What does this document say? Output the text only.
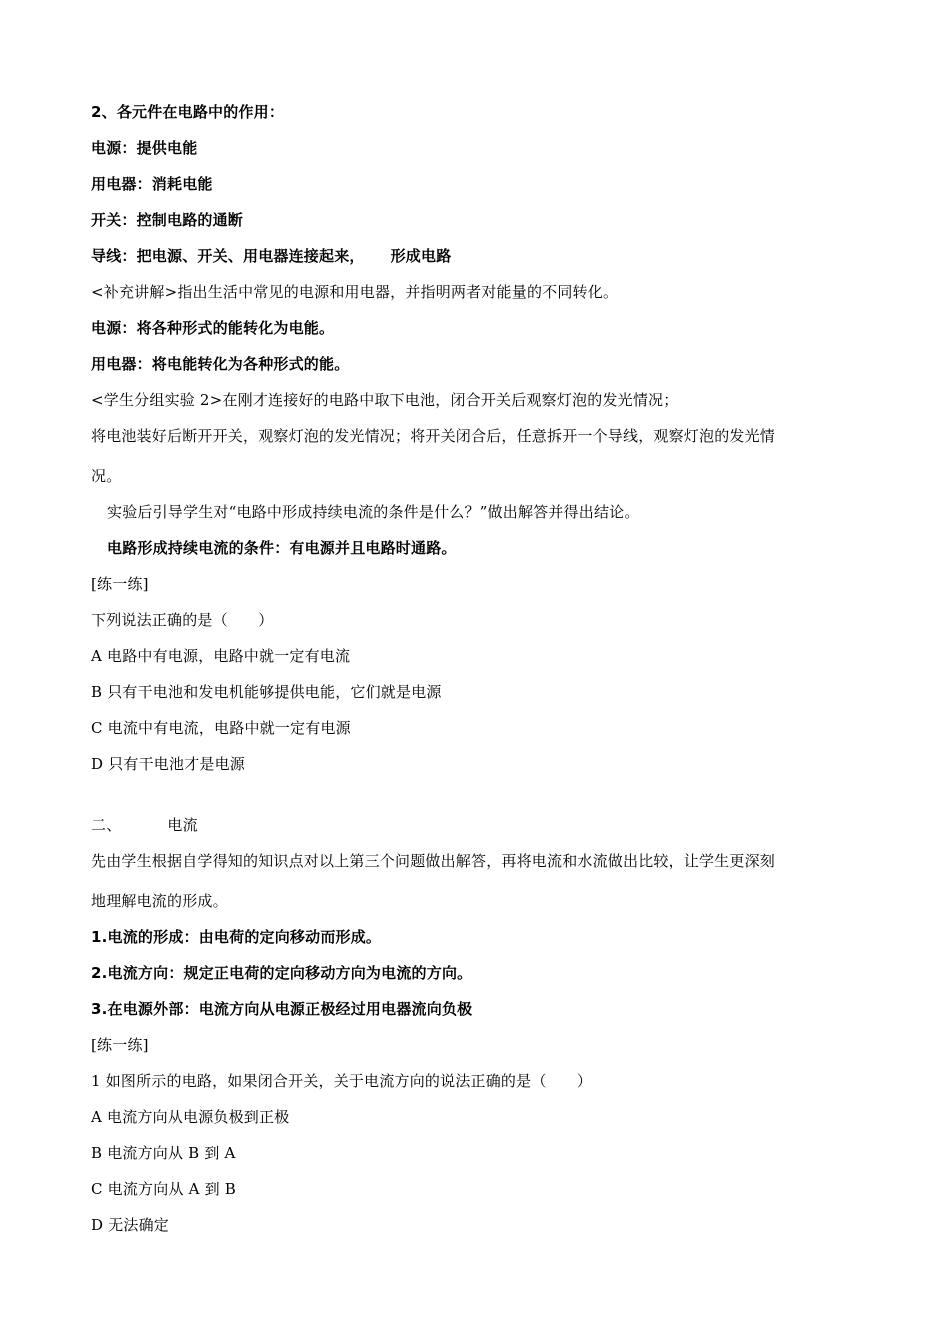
2、各元件在电路中的作用：
电源：提供电能
用电器：消耗电能
开关：控制电路的通断
导线：把电源、开关、用电器连接起来， 形成电路
<补充讲解>指出生活中常见的电源和用电器，并指明两者对能量的不同转化。
电源：将各种形式的能转化为电能。
用电器：将电能转化为各种形式的能。
<学生分组实验 2>在刚才连接好的电路中取下电池，闭合开关后观察灯泡的发光情况；
将电池装好后断开开关，观察灯泡的发光情况；将开关闭合后，任意拆开一个导线，观察灯泡的发光情
况。
实验后引导学生对“电路中形成持续电流的条件是什么？”做出解答并得出结论。
电路形成持续电流的条件：有电源并且电路时通路。
[练一练]
下列说法正确的是（　　）
A 电路中有电源，电路中就一定有电流
B 只有干电池和发电机能够提供电能，它们就是电源
C 电流中有电流，电路中就一定有电源
D 只有干电池才是电源
二、	电流
先由学生根据自学得知的知识点对以上第三个问题做出解答，再将电流和水流做出比较，让学生更深刻
地理解电流的形成。
1.电流的形成：由电荷的定向移动而形成。
2.电流方向：规定正电荷的定向移动方向为电流的方向。
3.在电源外部：电流方向从电源正极经过用电器流向负极
[练一练]
1 如图所示的电路，如果闭合开关，关于电流方向的说法正确的是（　　）
A 电流方向从电源负极到正极
B 电流方向从 B 到 A
C 电流方向从 A 到 B
D 无法确定
